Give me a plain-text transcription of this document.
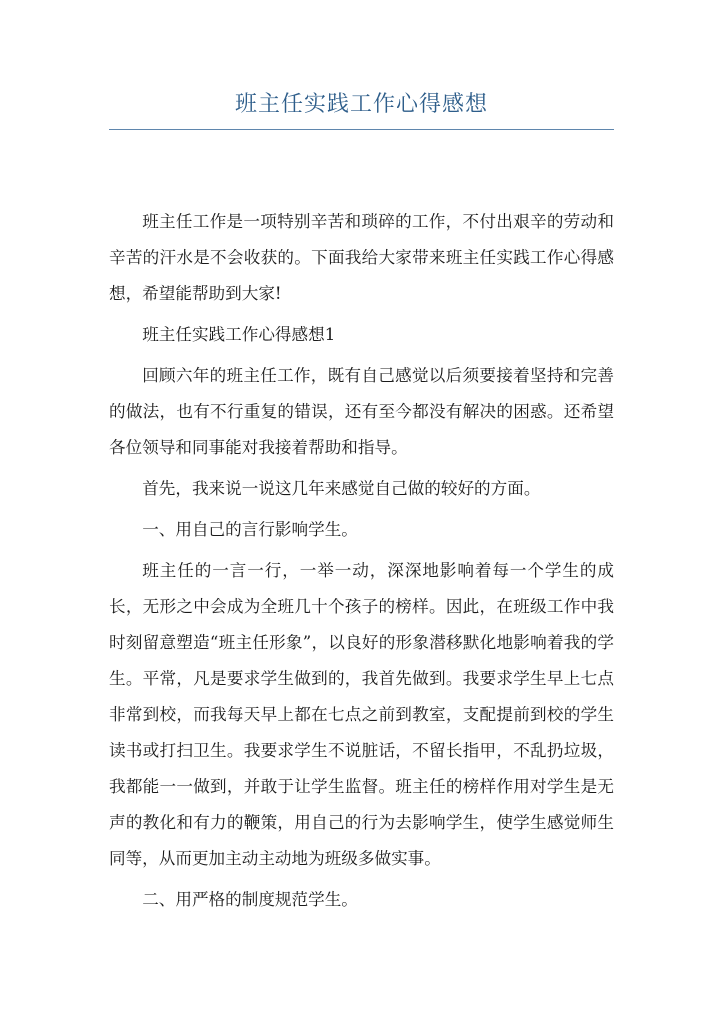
班主任实践工作心得感想

班主任工作是一项特别辛苦和琐碎的工作，不付出艰辛的劳动和辛苦的汗水是不会收获的。下面我给大家带来班主任实践工作心得感想，希望能帮助到大家!

班主任实践工作心得感想1

回顾六年的班主任工作，既有自己感觉以后须要接着坚持和完善的做法，也有不行重复的错误，还有至今都没有解决的困惑。还希望各位领导和同事能对我接着帮助和指导。

首先，我来说一说这几年来感觉自己做的较好的方面。

一、用自己的言行影响学生。

班主任的一言一行，一举一动，深深地影响着每一个学生的成长，无形之中会成为全班几十个孩子的榜样。因此，在班级工作中我时刻留意塑造“班主任形象”，以良好的形象潜移默化地影响着我的学生。平常，凡是要求学生做到的，我首先做到。我要求学生早上七点非常到校，而我每天早上都在七点之前到教室，支配提前到校的学生读书或打扫卫生。我要求学生不说脏话，不留长指甲，不乱扔垃圾，我都能一一做到，并敢于让学生监督。班主任的榜样作用对学生是无声的教化和有力的鞭策，用自己的行为去影响学生，使学生感觉师生同等，从而更加主动主动地为班级多做实事。

二、用严格的制度规范学生。
